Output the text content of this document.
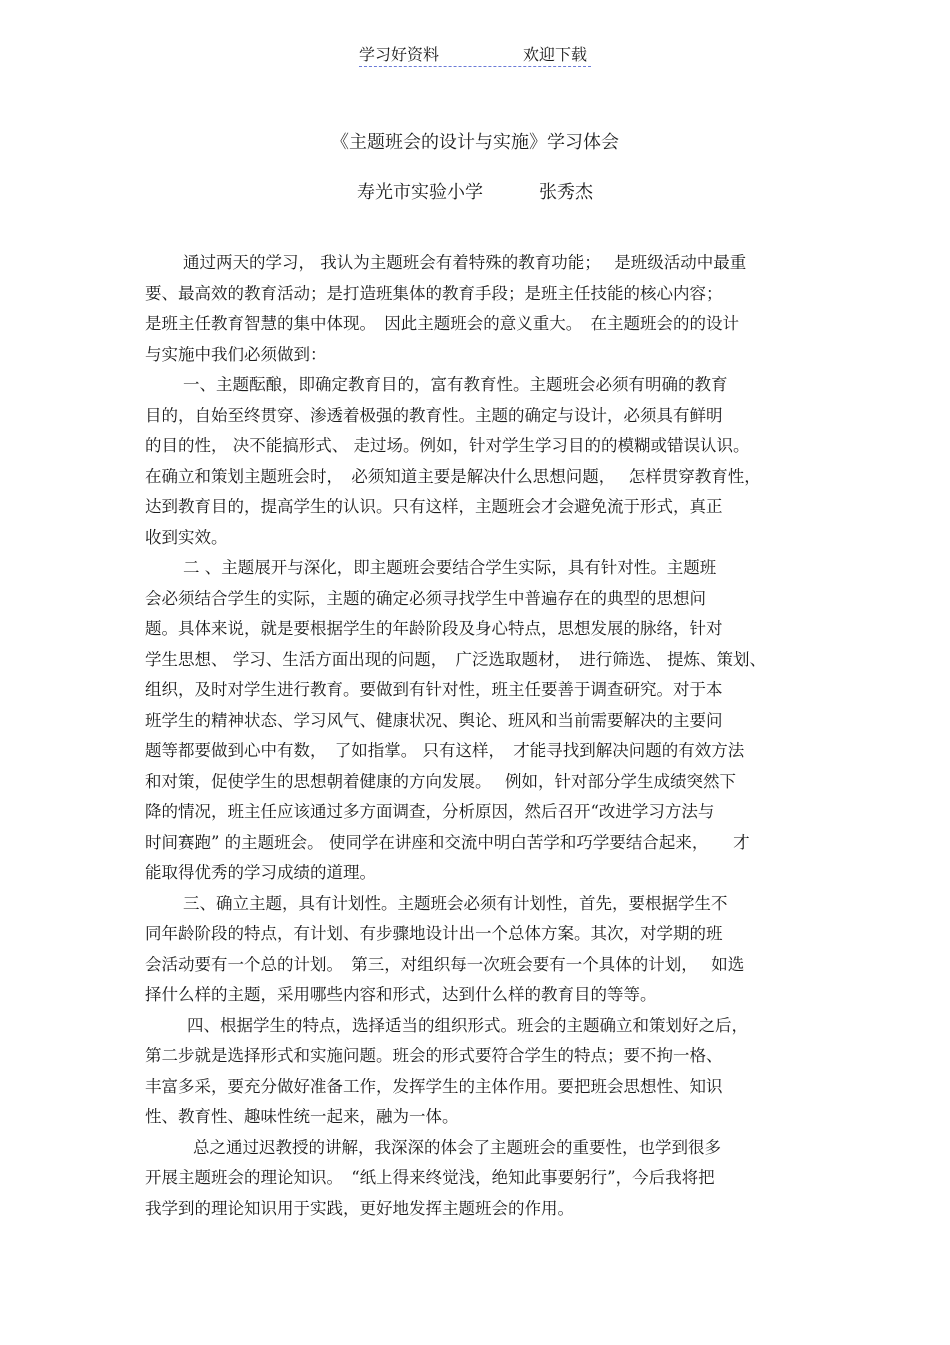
学习好资料	欢迎下载
《主题班会的设计与实施》学习体会
寿光市实验小学	张秀杰
通过两天的学习， 我认为主题班会有着特殊的教育功能；　 是班级活动中最重
要、最高效的教育活动；是打造班集体的教育手段；是班主任技能的核心内容；
是班主任教育智慧的集中体现。　因此主题班会的意义重大。　在主题班会的的设计
与实施中我们必须做到：
一、主题酝酿，即确定教育目的，富有教育性。主题班会必须有明确的教育
目的，自始至终贯穿、渗透着极强的教育性。主题的确定与设计，必须具有鲜明
的目的性， 决不能搞形式、 走过场。例如，针对学生学习目的的模糊或错误认识。
在确立和策划主题班会时，　必须知道主要是解决什么思想问题，　 怎样贯穿教育性，
达到教育目的，提高学生的认识。只有这样，主题班会才会避免流于形式，真正
收到实效。
二 、主题展开与深化，即主题班会要结合学生实际，具有针对性。主题班
会必须结合学生的实际，主题的确定必须寻找学生中普遍存在的典型的思想问
题。具体来说，就是要根据学生的年龄阶段及身心特点，思想发展的脉络，针对
学生思想、 学习、生活方面出现的问题，　广泛选取题材，　进行筛选、 提炼、策划、
组织，及时对学生进行教育。要做到有针对性，班主任要善于调查研究。对于本
班学生的精神状态、学习风气、健康状况、舆论、班风和当前需要解决的主要问
题等都要做到心中有数，　了如指掌。 只有这样，　才能寻找到解决问题的有效方法
和对策，促使学生的思想朝着健康的方向发展。　 例如，针对部分学生成绩突然下
降的情况，班主任应该通过多方面调查，分析原因，然后召开“改进学习方法与
时间赛跑” 的主题班会。 使同学在讲座和交流中明白苦学和巧学要结合起来，　　才
能取得优秀的学习成绩的道理。
三、确立主题，具有计划性。主题班会必须有计划性，首先，要根据学生不
同年龄阶段的特点，有计划、有步骤地设计出一个总体方案。其次，对学期的班
会活动要有一个总的计划。　第三，对组织每一次班会要有一个具体的计划，　 如选
择什么样的主题，采用哪些内容和形式，达到什么样的教育目的等等。
四、根据学生的特点，选择适当的组织形式。班会的主题确立和策划好之后，
第二步就是选择形式和实施问题。班会的形式要符合学生的特点；要不拘一格、
丰富多采，要充分做好准备工作，发挥学生的主体作用。要把班会思想性、知识
性、教育性、趣味性统一起来，融为一体。
总之通过迟教授的讲解，我深深的体会了主题班会的重要性，也学到很多
开展主题班会的理论知识。　“纸上得来终觉浅，绝知此事要躬行”，今后我将把
我学到的理论知识用于实践，更好地发挥主题班会的作用。
